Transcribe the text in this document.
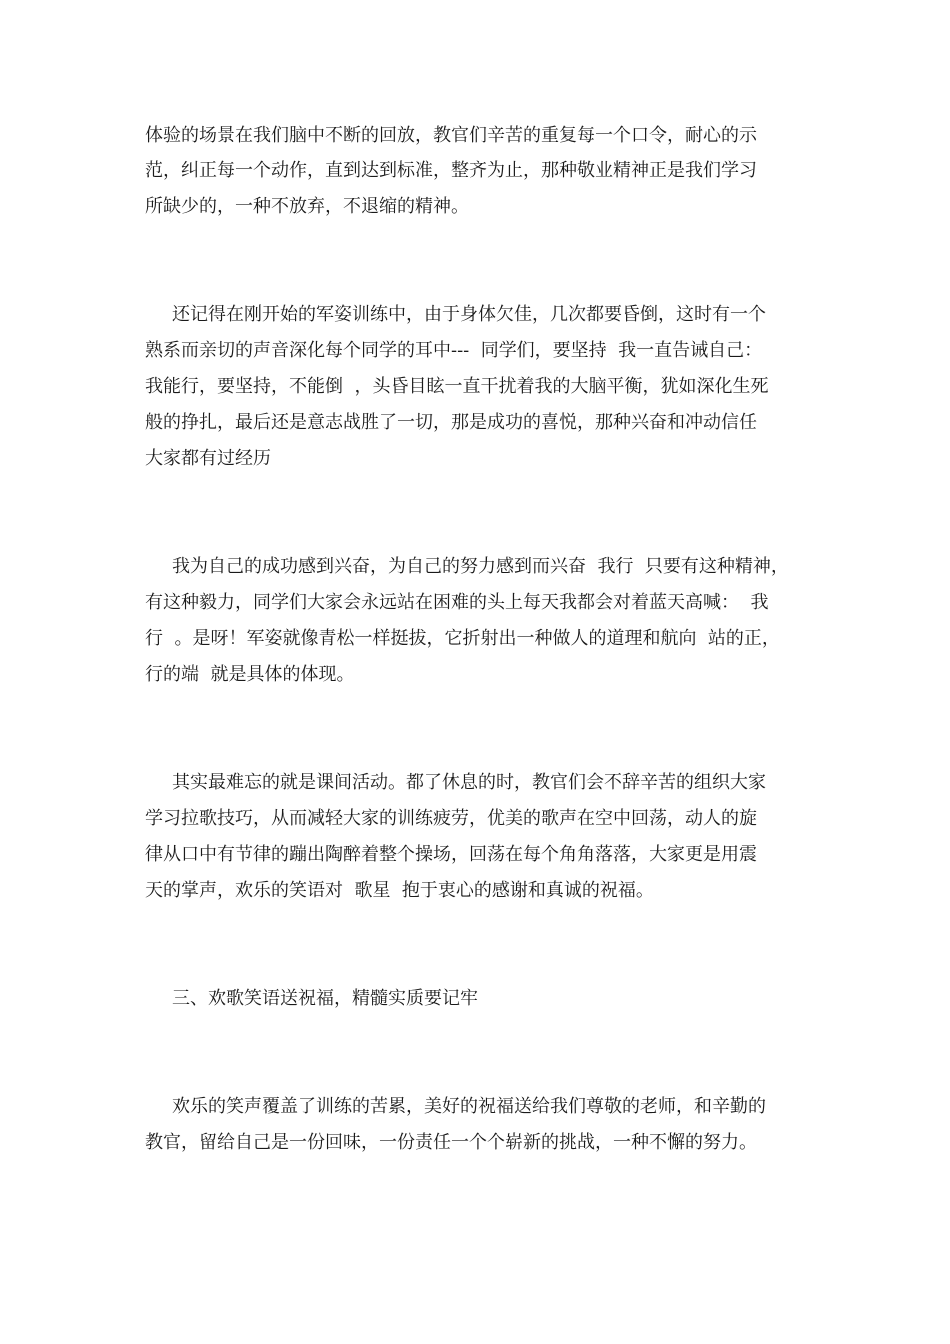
体验的场景在我们脑中不断的回放，教官们辛苦的重复每一个口令，耐心的示
范，纠正每一个动作，直到达到标准，整齐为止，那种敬业精神正是我们学习
所缺少的，一种不放弃，不退缩的精神。
还记得在刚开始的军姿训练中，由于身体欠佳，几次都要昏倒，这时有一个
熟系而亲切的声音深化每个同学的耳中---  同学们，要坚持  我一直告诫自己：
我能行，要坚持，不能倒  ，头昏目眩一直干扰着我的大脑平衡，犹如深化生死
般的挣扎，最后还是意志战胜了一切，那是成功的喜悦，那种兴奋和冲动信任
大家都有过经历
我为自己的成功感到兴奋，为自己的努力感到而兴奋  我行  只要有这种精神，
有这种毅力，同学们大家会永远站在困难的头上每天我都会对着蓝天高喊：  我
行  。是呀！军姿就像青松一样挺拔，它折射出一种做人的道理和航向  站的正，
行的端  就是具体的体现。
其实最难忘的就是课间活动。都了休息的时，教官们会不辞辛苦的组织大家
学习拉歌技巧，从而减轻大家的训练疲劳，优美的歌声在空中回荡，动人的旋
律从口中有节律的蹦出陶醉着整个操场，回荡在每个角角落落，大家更是用震
天的掌声，欢乐的笑语对  歌星  抱于衷心的感谢和真诚的祝福。
三、欢歌笑语送祝福，精髓实质要记牢
欢乐的笑声覆盖了训练的苦累，美好的祝福送给我们尊敬的老师，和辛勤的
教官，留给自己是一份回味，一份责任一个个崭新的挑战，一种不懈的努力。
